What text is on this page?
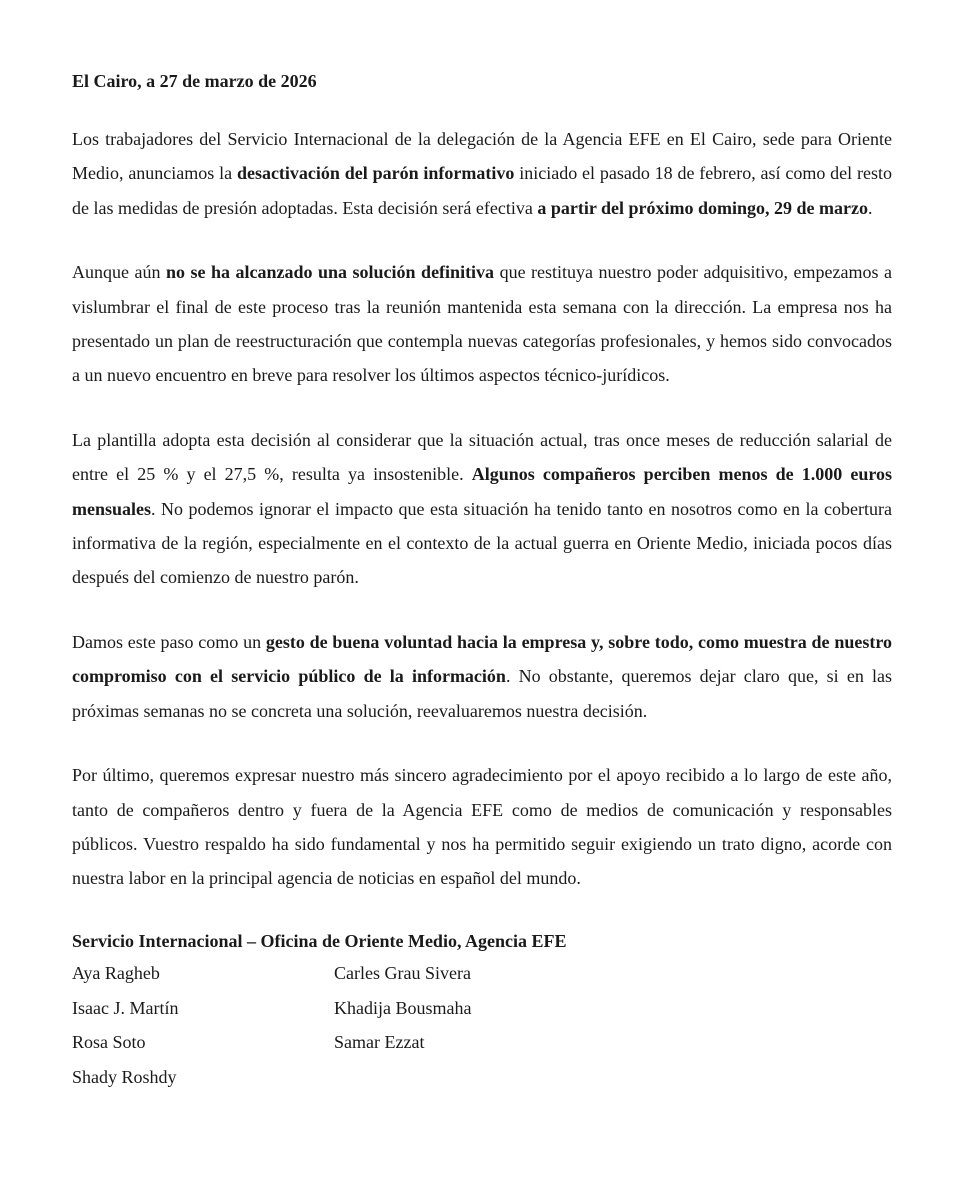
El Cairo, a 27 de marzo de 2026

Los trabajadores del Servicio Internacional de la delegación de la Agencia EFE en El Cairo, sede para Oriente Medio, anunciamos la desactivación del parón informativo iniciado el pasado 18 de febrero, así como del resto de las medidas de presión adoptadas. Esta decisión será efectiva a partir del próximo domingo, 29 de marzo.

Aunque aún no se ha alcanzado una solución definitiva que restituya nuestro poder adquisitivo, empezamos a vislumbrar el final de este proceso tras la reunión mantenida esta semana con la dirección. La empresa nos ha presentado un plan de reestructuración que contempla nuevas categorías profesionales, y hemos sido convocados a un nuevo encuentro en breve para resolver los últimos aspectos técnico-jurídicos.

La plantilla adopta esta decisión al considerar que la situación actual, tras once meses de reducción salarial de entre el 25 % y el 27,5 %, resulta ya insostenible. Algunos compañeros perciben menos de 1.000 euros mensuales. No podemos ignorar el impacto que esta situación ha tenido tanto en nosotros como en la cobertura informativa de la región, especialmente en el contexto de la actual guerra en Oriente Medio, iniciada pocos días después del comienzo de nuestro parón.

Damos este paso como un gesto de buena voluntad hacia la empresa y, sobre todo, como muestra de nuestro compromiso con el servicio público de la información. No obstante, queremos dejar claro que, si en las próximas semanas no se concreta una solución, reevaluaremos nuestra decisión.

Por último, queremos expresar nuestro más sincero agradecimiento por el apoyo recibido a lo largo de este año, tanto de compañeros dentro y fuera de la Agencia EFE como de medios de comunicación y responsables públicos. Vuestro respaldo ha sido fundamental y nos ha permitido seguir exigiendo un trato digno, acorde con nuestra labor en la principal agencia de noticias en español del mundo.

Servicio Internacional – Oficina de Oriente Medio, Agencia EFE

Aya Ragheb
Isaac J. Martín
Rosa Soto
Shady Roshdy
Carles Grau Sivera
Khadija Bousmaha
Samar Ezzat
